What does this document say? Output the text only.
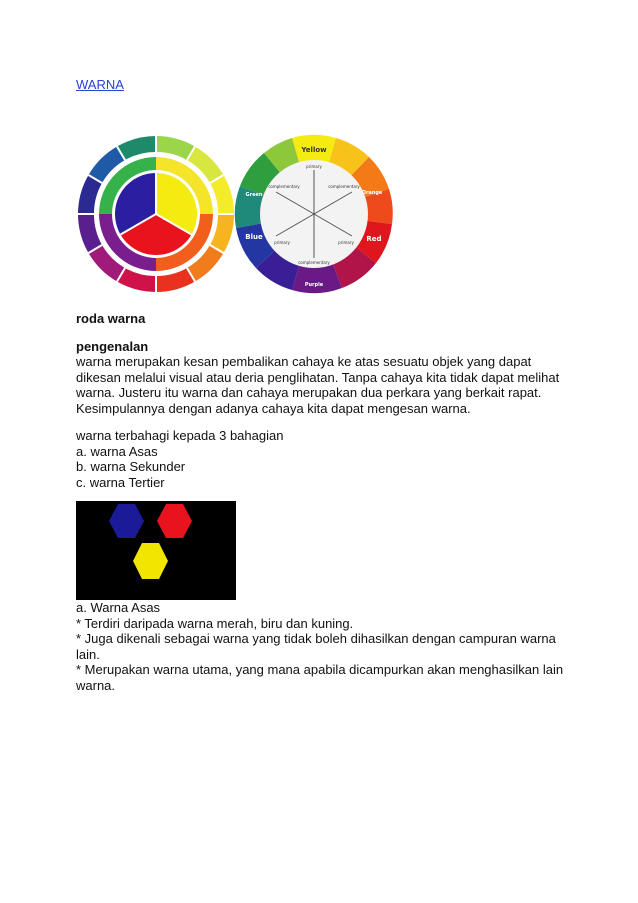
WARNA
primary
complementary	complementary
primary	primary
complementary
Yellow
Orange
Red
Purple
Blue
Green
roda warna
pengenalan
warna merupakan kesan pembalikan cahaya ke atas sesuatu objek yang dapat
dikesan melalui visual atau deria penglihatan. Tanpa cahaya kita tidak dapat melihat
warna. Justeru itu warna dan cahaya merupakan dua perkara yang berkait rapat.
Kesimpulannya dengan adanya cahaya kita dapat mengesan warna.
warna terbahagi kepada 3 bahagian
a. warna Asas
b. warna Sekunder
c. warna Tertier
a. Warna Asas
* Terdiri daripada warna merah, biru dan kuning.
* Juga dikenali sebagai warna yang tidak boleh dihasilkan dengan campuran warna
lain.
* Merupakan warna utama, yang mana apabila dicampurkan akan menghasilkan lain
warna.
